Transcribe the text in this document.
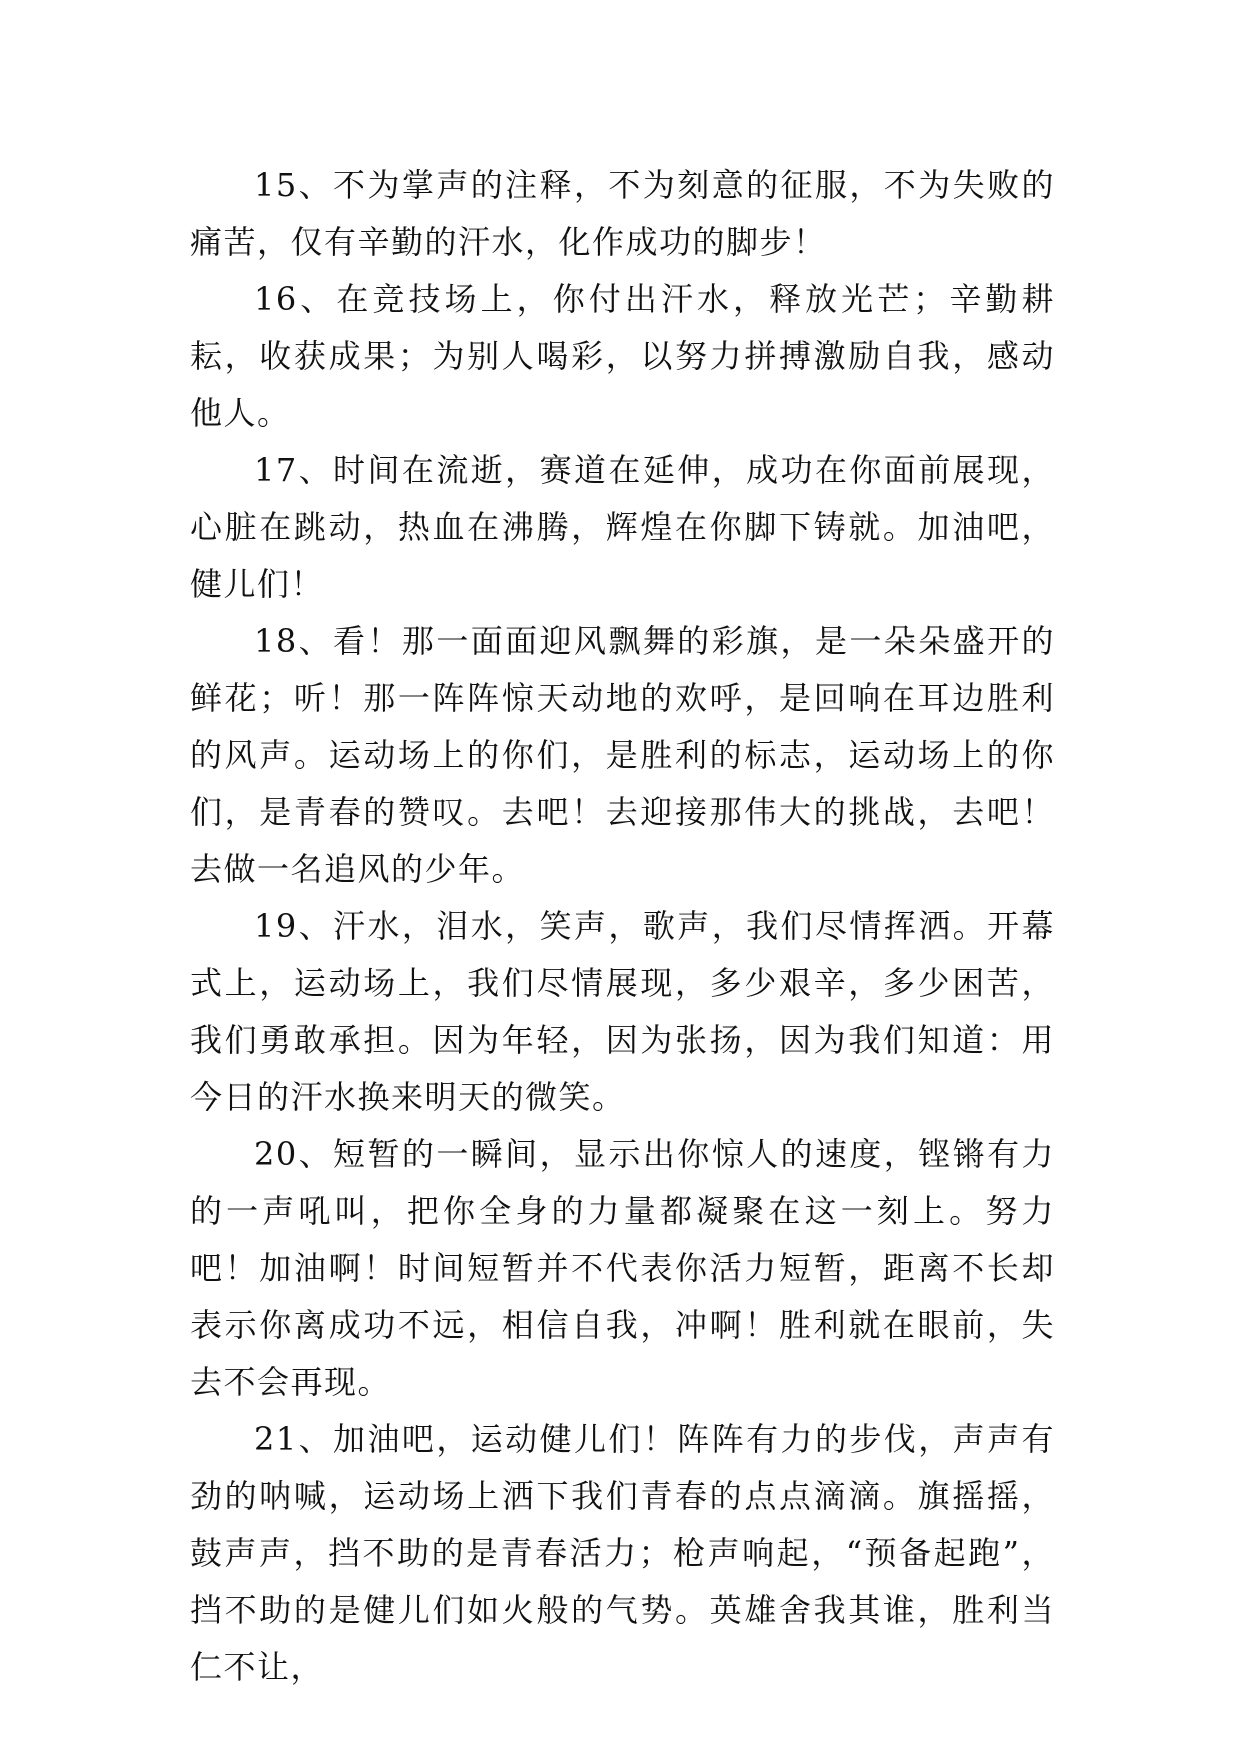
15、不为掌声的注释，不为刻意的征服，不为失败的痛苦，仅有辛勤的汗水，化作成功的脚步！

16、在竞技场上，你付出汗水，释放光芒；辛勤耕耘，收获成果；为别人喝彩，以努力拼搏激励自我，感动他人。

17、时间在流逝，赛道在延伸，成功在你面前展现，心脏在跳动，热血在沸腾，辉煌在你脚下铸就。加油吧，健儿们！

18、看！那一面面迎风飘舞的彩旗，是一朵朵盛开的鲜花；听！那一阵阵惊天动地的欢呼，是回响在耳边胜利的风声。运动场上的你们，是胜利的标志，运动场上的你们，是青春的赞叹。去吧！去迎接那伟大的挑战，去吧！去做一名追风的少年。

19、汗水，泪水，笑声，歌声，我们尽情挥洒。开幕式上，运动场上，我们尽情展现，多少艰辛，多少困苦，我们勇敢承担。因为年轻，因为张扬，因为我们知道：用今日的汗水换来明天的微笑。

20、短暂的一瞬间，显示出你惊人的速度，铿锵有力的一声吼叫，把你全身的力量都凝聚在这一刻上。努力吧！加油啊！时间短暂并不代表你活力短暂，距离不长却表示你离成功不远，相信自我，冲啊！胜利就在眼前，失去不会再现。

21、加油吧，运动健儿们！阵阵有力的步伐，声声有劲的呐喊，运动场上洒下我们青春的点点滴滴。旗摇摇，鼓声声，挡不助的是青春活力；枪声响起，“预备起跑”，挡不助的是健儿们如火般的气势。英雄舍我其谁，胜利当仁不让，
